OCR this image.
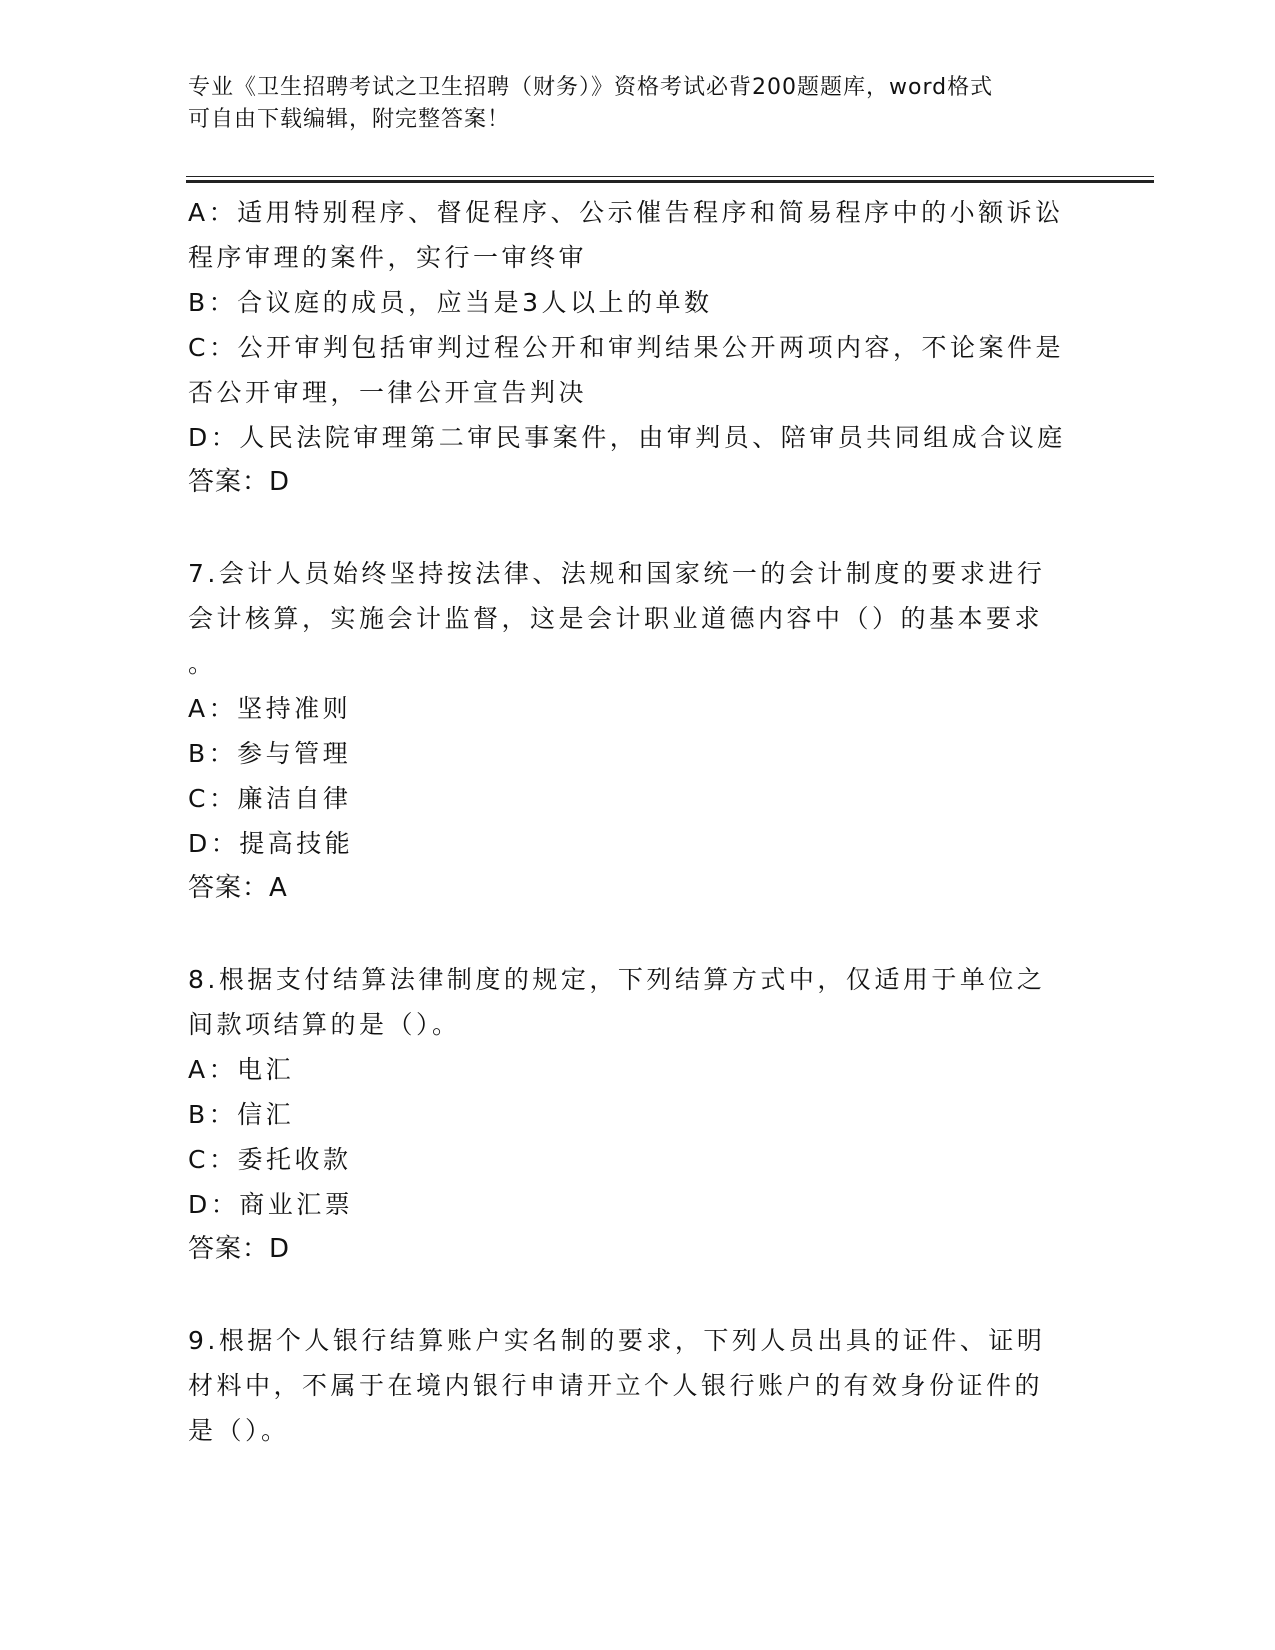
专业《卫生招聘考试之卫生招聘（财务）》资格考试必背200题题库，word格式
可自由下载编辑，附完整答案！
A：适用特别程序、督促程序、公示催告程序和简易程序中的小额诉讼
程序审理的案件，实行一审终审
B：合议庭的成员，应当是3人以上的单数
C：公开审判包括审判过程公开和审判结果公开两项内容，不论案件是
否公开审理，一律公开宣告判决
D：人民法院审理第二审民事案件，由审判员、陪审员共同组成合议庭
答案：D
7.会计人员始终坚持按法律、法规和国家统一的会计制度的要求进行
会计核算，实施会计监督，这是会计职业道德内容中（）的基本要求
。
A：坚持准则
B：参与管理
C：廉洁自律
D：提高技能
答案：A
8.根据支付结算法律制度的规定，下列结算方式中，仅适用于单位之
间款项结算的是（）。
A：电汇
B：信汇
C：委托收款
D：商业汇票
答案：D
9.根据个人银行结算账户实名制的要求，下列人员出具的证件、证明
材料中，不属于在境内银行申请开立个人银行账户的有效身份证件的
是（）。
